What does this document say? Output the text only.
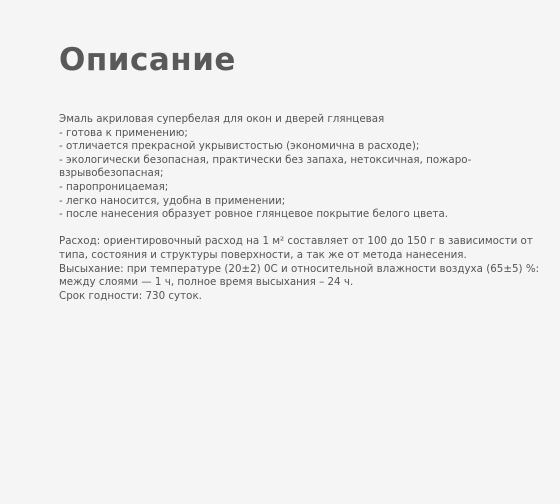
Описание

Эмаль акриловая супербелая для окон и дверей глянцевая

- готова к применению;

- отличается прекрасной укрывистостью (экономична в расходе);

- экологически безопасная, практически без запаха, нетоксичная, пожаро-

взрывобезопасная;

- паропроницаемая;

- легко наносится, удобна в применении;

- после нанесения образует ровное глянцевое покрытие белого цвета.

Расход: ориентировочный расход на 1 м² составляет от 100 до 150 г в зависимости от

типа, состояния и структуры поверхности, а так же от метода нанесения.

Высыхание: при температуре (20±2) 0С и относительной влажности воздуха (65±5) %:

между слоями — 1 ч, полное время высыхания – 24 ч.

Срок годности: 730 суток.
